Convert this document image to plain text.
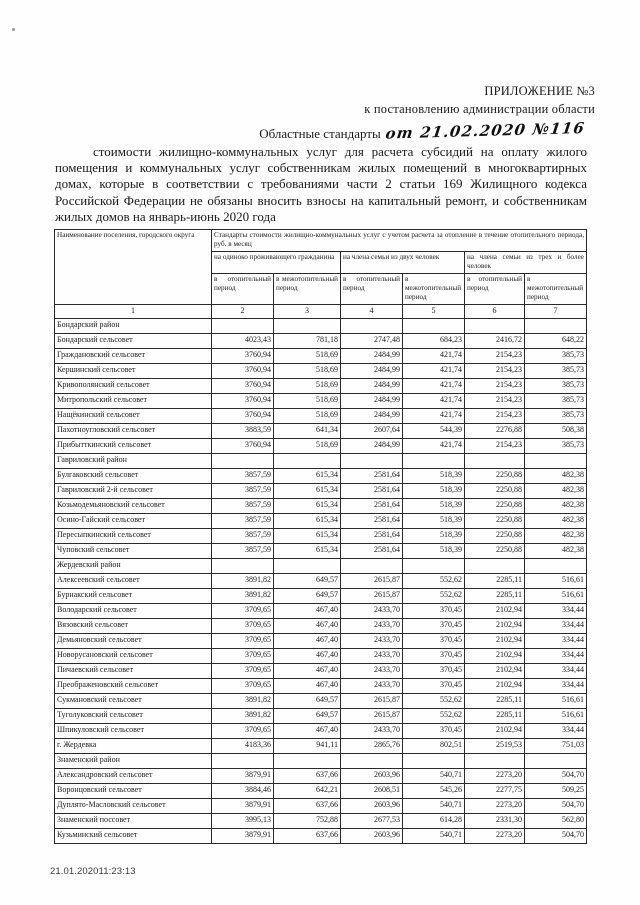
ПРИЛОЖЕНИЕ №3
к постановлению администрации области
от 21.02.2020 №116
Областные стандарты
стоимости жилищно-коммунальных услуг для расчета субсидий на оплату жилого помещения и коммунальных услуг собственникам жилых помещений в многоквартирных домах, которые в соответствии с требованиями части 2 статьи 169 Жилищного кодекса Российской Федерации не обязаны вносить взносы на капитальный ремонт, и собственникам жилых домов на январь-июнь 2020 года
Наименование поселения, городского округа	Стандарты стоимости жилищно-коммунальных услуг с учетом расчета за отопление в течение отопительного периода, руб. в месяц					
	на одиноко проживающего гражданина		на члена семьи из двух человек		на члена семьи из трех и более человек	
	в отопительный период	в межотопительный период	в отопительный период	в межотопительный период	в отопительный период	в межотопительный период
1	2	3	4	5	6	7
Бондарский район						
Бондарский сельсовет	4023,43	781,18	2747,48	684,23	2416,72	648,22
Граждановский сельсовет	3760,94	518,69	2484,99	421,74	2154,23	385,73
Кершинский сельсовет	3760,94	518,69	2484,99	421,74	2154,23	385,73
Кривополянский сельсовет	3760,94	518,69	2484,99	421,74	2154,23	385,73
Митропольский сельсовет	3760,94	518,69	2484,99	421,74	2154,23	385,73
Нащёкинский сельсовет	3760,94	518,69	2484,99	421,74	2154,23	385,73
Пахотноугловский сельсовет	3883,59	641,34	2607,64	544,39	2276,88	508,38
Прибытткинский сельсовет	3760,94	518,69	2484,99	421,74	2154,23	385,73
Гавриловский район						
Булгаковский сельсовет	3857,59	615,34	2581,64	518,39	2250,88	482,38
Гавриловский 2-й сельсовет	3857,59	615,34	2581,64	518,39	2250,88	482,38
Козьмодемьяновский сельсовет	3857,59	615,34	2581,64	518,39	2250,88	482,38
Осино-Гайский сельсовет	3857,59	615,34	2581,64	518,39	2250,88	482,38
Пересыпкинский сельсовет	3857,59	615,34	2581,64	518,39	2250,88	482,38
Чуповский сельсовет	3857,59	615,34	2581,64	518,39	2250,88	482,38
Жердевский район						
Алексеевский сельсовет	3891,82	649,57	2615,87	552,62	2285,11	516,61
Бурнакский сельсовет	3891,82	649,57	2615,87	552,62	2285,11	516,61
Володарский сельсовет	3709,65	467,40	2433,70	370,45	2102,94	334,44
Вязовский сельсовет	3709,65	467,40	2433,70	370,45	2102,94	334,44
Демьяновский сельсовет	3709,65	467,40	2433,70	370,45	2102,94	334,44
Новорусановский сельсовет	3709,65	467,40	2433,70	370,45	2102,94	334,44
Пичаевский сельсовет	3709,65	467,40	2433,70	370,45	2102,94	334,44
Преображеновский сельсовет	3709,65	467,40	2433,70	370,45	2102,94	334,44
Сукмановский сельсовет	3891,82	649,57	2615,87	552,62	2285,11	516,61
Туголуковский сельсовет	3891,82	649,57	2615,87	552,62	2285,11	516,61
Шпикуловский сельсовет	3709,65	467,40	2433,70	370,45	2102,94	334,44
г. Жердевка	4183,36	941,11	2865,76	802,51	2519,53	751,03
Знаменский район						
Александровский сельсовет	3879,91	637,66	2603,96	540,71	2273,20	504,70
Воронцовский сельсовет	3884,46	642,21	2608,51	545,26	2277,75	509,25
Дуплято-Масловский сельсовет	3879,91	637,66	2603,96	540,71	2273,20	504,70
Знаменский поссовет	3995,13	752,88	2677,53	614,28	2331,30	562,80
Кузьминский сельсовет	3879,91	637,66	2603,96	540,71	2273,20	504,70
21.01.202011:23:13
